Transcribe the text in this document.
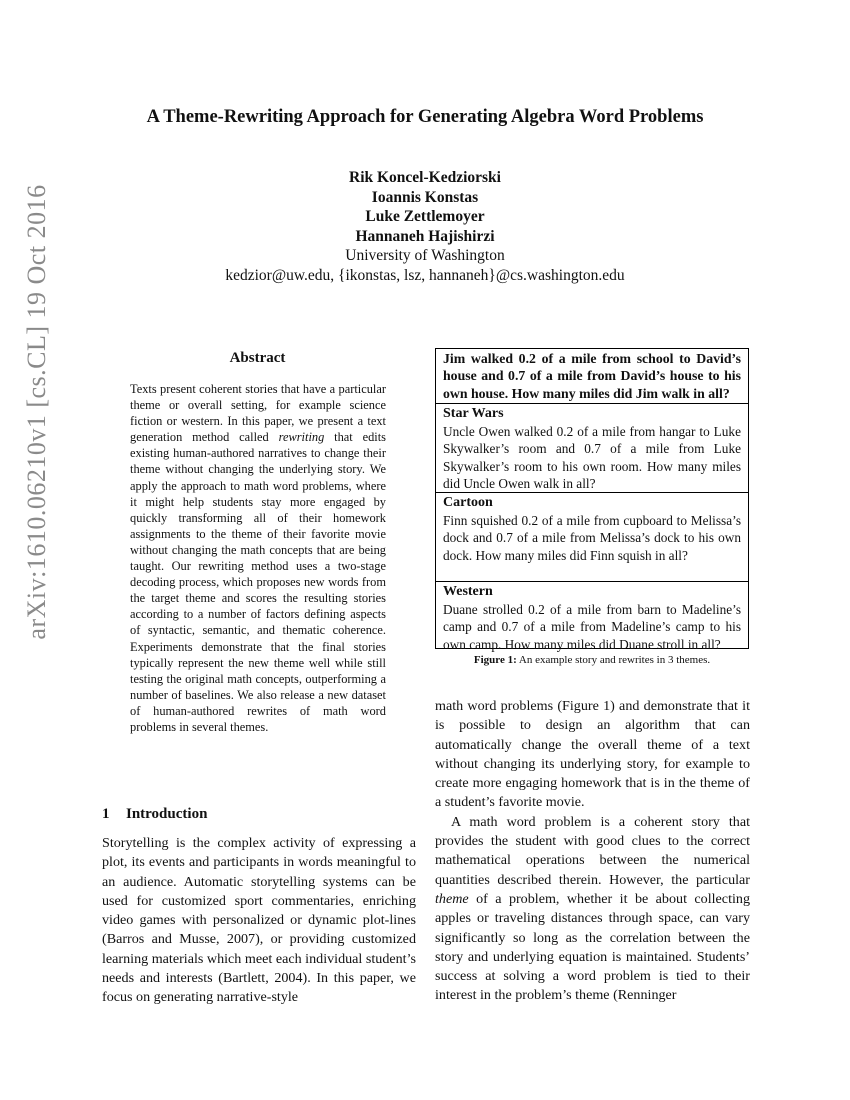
arXiv:1610.06210v1 [cs.CL] 19 Oct 2016
A Theme-Rewriting Approach for Generating Algebra Word Problems
Rik Koncel-Kedziorski
Ioannis Konstas
Luke Zettlemoyer
Hannaneh Hajishirzi
University of Washington
kedzior@uw.edu, {ikonstas, lsz, hannaneh}@cs.washington.edu
Abstract
Texts present coherent stories that have a particular theme or overall setting, for example science fiction or western. In this paper, we present a text generation method called rewriting that edits existing human-authored narratives to change their theme without changing the underlying story. We apply the approach to math word problems, where it might help students stay more engaged by quickly transforming all of their homework assignments to the theme of their favorite movie without changing the math concepts that are being taught. Our rewriting method uses a two-stage decoding process, which proposes new words from the target theme and scores the resulting stories according to a number of factors defining aspects of syntactic, semantic, and thematic coherence. Experiments demonstrate that the final stories typically represent the new theme well while still testing the original math concepts, outperforming a number of baselines. We also release a new dataset of human-authored rewrites of math word problems in several themes.
1 Introduction

Storytelling is the complex activity of expressing a plot, its events and participants in words meaningful to an audience. Automatic storytelling systems can be used for customized sport commentaries, enriching video games with personalized or dynamic plot-lines (Barros and Musse, 2007), or providing customized learning materials which meet each individual student’s needs and interests (Bartlett, 2004). In this paper, we focus on generating narrative-style

Jim walked 0.2 of a mile from school to David’s house and 0.7 of a mile from David’s house to his own house. How many miles did Jim walk in all?
Star Wars
Uncle Owen walked 0.2 of a mile from hangar to Luke Skywalker’s room and 0.7 of a mile from Luke Skywalker’s room to his own room. How many miles did Uncle Owen walk in all?
Cartoon
Finn squished 0.2 of a mile from cupboard to Melissa’s dock and 0.7 of a mile from Melissa’s dock to his own dock. How many miles did Finn squish in all?
Western
Duane strolled 0.2 of a mile from barn to Madeline’s camp and 0.7 of a mile from Madeline’s camp to his own camp. How many miles did Duane stroll in all?
Figure 1: An example story and rewrites in 3 themes.

math word problems (Figure 1) and demonstrate that it is possible to design an algorithm that can automatically change the overall theme of a text without changing its underlying story, for example to create more engaging homework that is in the theme of a student’s favorite movie.

A math word problem is a coherent story that provides the student with good clues to the correct mathematical operations between the numerical quantities described therein. However, the particular theme of a problem, whether it be about collecting apples or traveling distances through space, can vary significantly so long as the correlation between the story and underlying equation is maintained. Students’ success at solving a word problem is tied to their interest in the problem’s theme (Renninger
